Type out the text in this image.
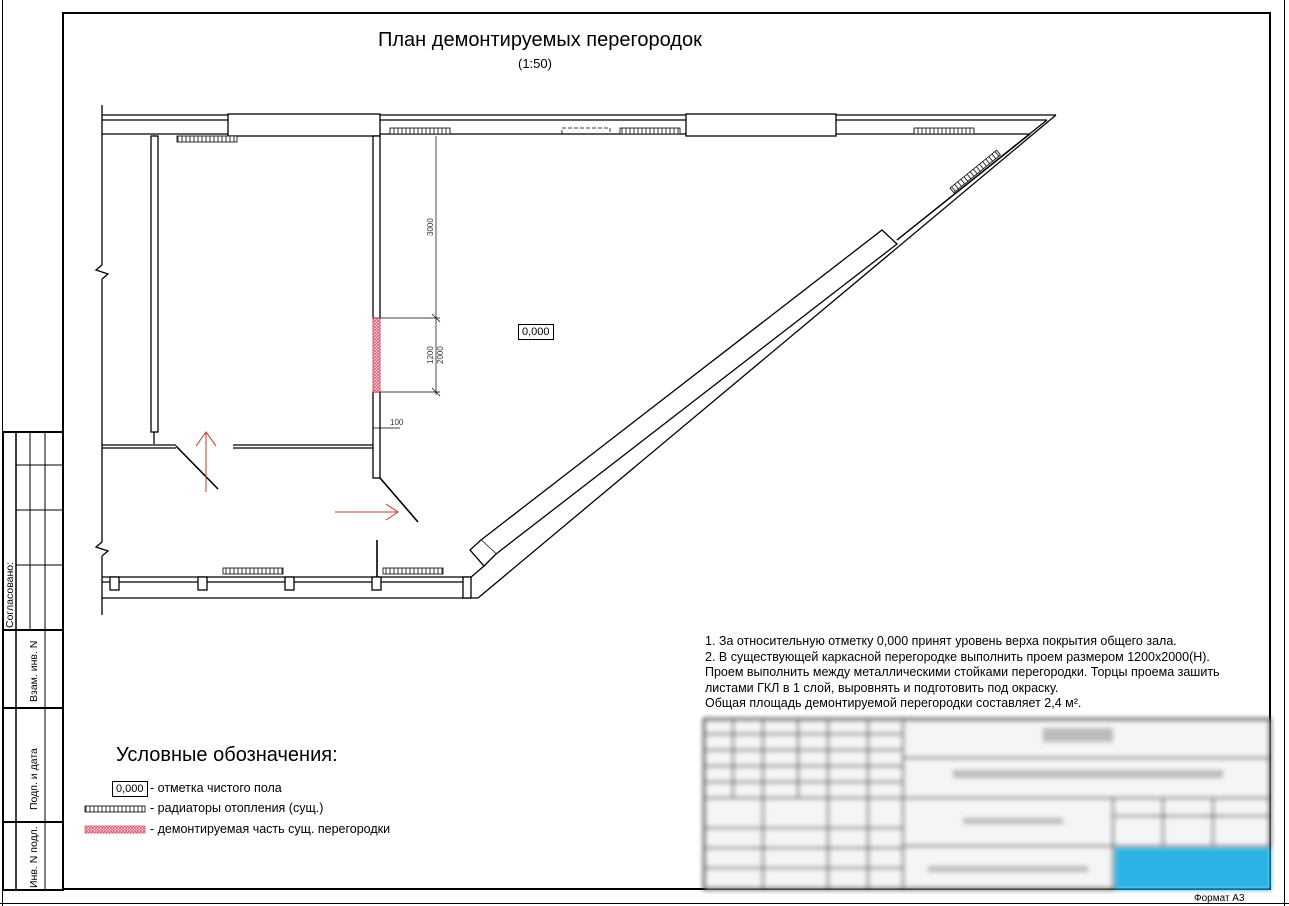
Согласовано:
Взам. инв. N
Подп. и дата
Инв. N подл.
План демонтируемых перегородок
(1:50)
3000
1200 2000
100
0,000
1. За относительную отметку 0,000 принят уровень верха покрытия общего зала.
2. В существующей каркасной перегородке выполнить проем размером 1200х2000(Н).
Проем выполнить между металлическими стойками перегородки. Торцы проема зашить
листами ГКЛ в 1 слой, выровнять и подготовить под окраску.
Общая площадь демонтируемой перегородки составляет 2,4 м².
Условные обозначения:
0,000 - отметка чистого пола
- радиаторы отопления (сущ.)
- демонтируемая часть сущ. перегородки
Формат А3
